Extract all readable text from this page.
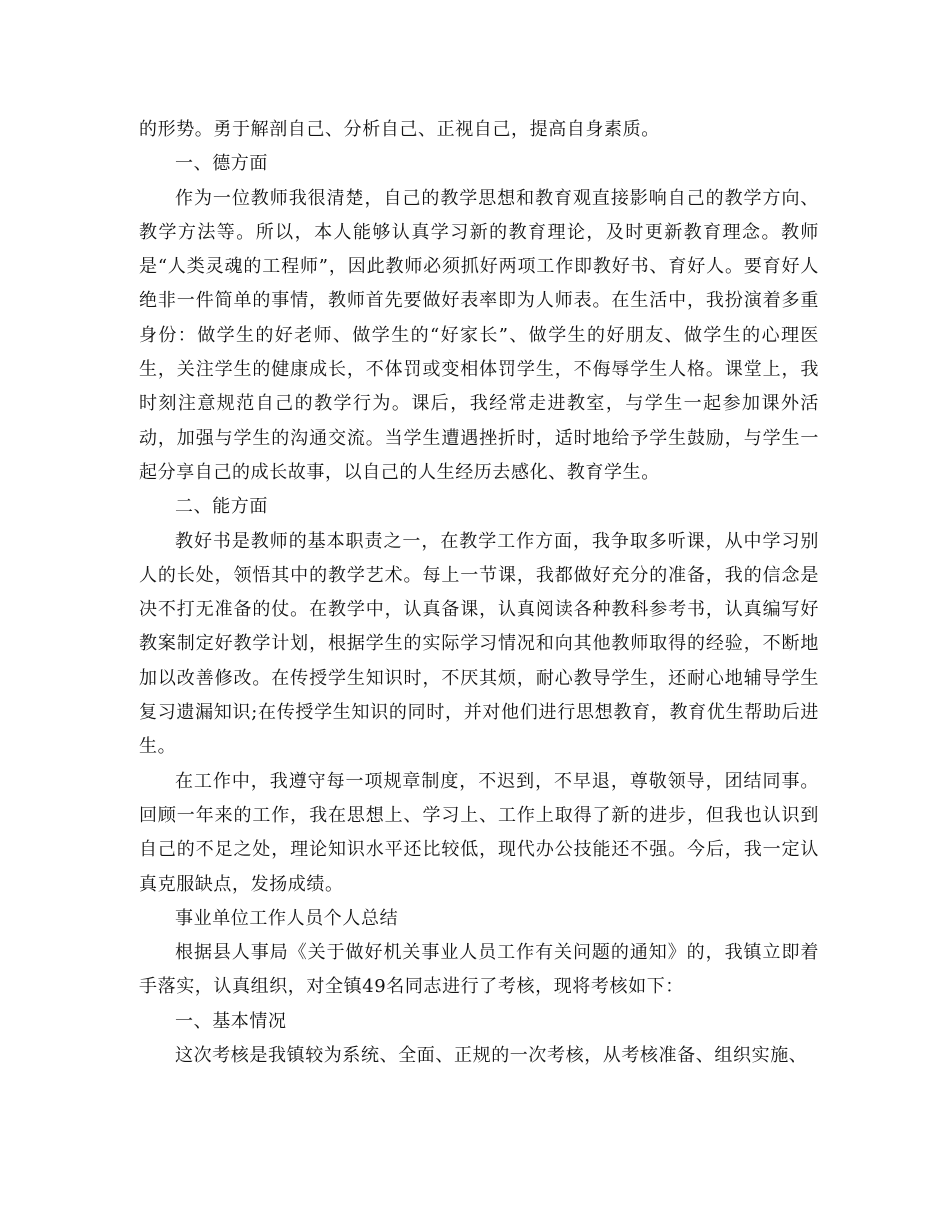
的形势。勇于解剖自己、分析自己、正视自己，提高自身素质。

一、德方面

作为一位教师我很清楚，自己的教学思想和教育观直接影响自己的教学方向、教学方法等。所以，本人能够认真学习新的教育理论，及时更新教育理念。教师是“人类灵魂的工程师”，因此教师必须抓好两项工作即教好书、育好人。要育好人绝非一件简单的事情，教师首先要做好表率即为人师表。在生活中，我扮演着多重身份：做学生的好老师、做学生的“好家长”、做学生的好朋友、做学生的心理医生，关注学生的健康成长，不体罚或变相体罚学生，不侮辱学生人格。课堂上，我时刻注意规范自己的教学行为。课后，我经常走进教室，与学生一起参加课外活动，加强与学生的沟通交流。当学生遭遇挫折时，适时地给予学生鼓励，与学生一起分享自己的成长故事，以自己的人生经历去感化、教育学生。

二、能方面

教好书是教师的基本职责之一，在教学工作方面，我争取多听课，从中学习别人的长处，领悟其中的教学艺术。每上一节课，我都做好充分的准备，我的信念是决不打无准备的仗。在教学中，认真备课，认真阅读各种教科参考书，认真编写好教案制定好教学计划，根据学生的实际学习情况和向其他教师取得的经验，不断地加以改善修改。在传授学生知识时，不厌其烦，耐心教导学生，还耐心地辅导学生复习遗漏知识;在传授学生知识的同时，并对他们进行思想教育，教育优生帮助后进生。

在工作中，我遵守每一项规章制度，不迟到，不早退，尊敬领导，团结同事。回顾一年来的工作，我在思想上、学习上、工作上取得了新的进步，但我也认识到自己的不足之处，理论知识水平还比较低，现代办公技能还不强。今后，我一定认真克服缺点，发扬成绩。

事业单位工作人员个人总结

根据县人事局《关于做好机关事业人员工作有关问题的通知》的，我镇立即着手落实，认真组织，对全镇49名同志进行了考核，现将考核如下：

一、基本情况

这次考核是我镇较为系统、全面、正规的一次考核，从考核准备、组织实施、
